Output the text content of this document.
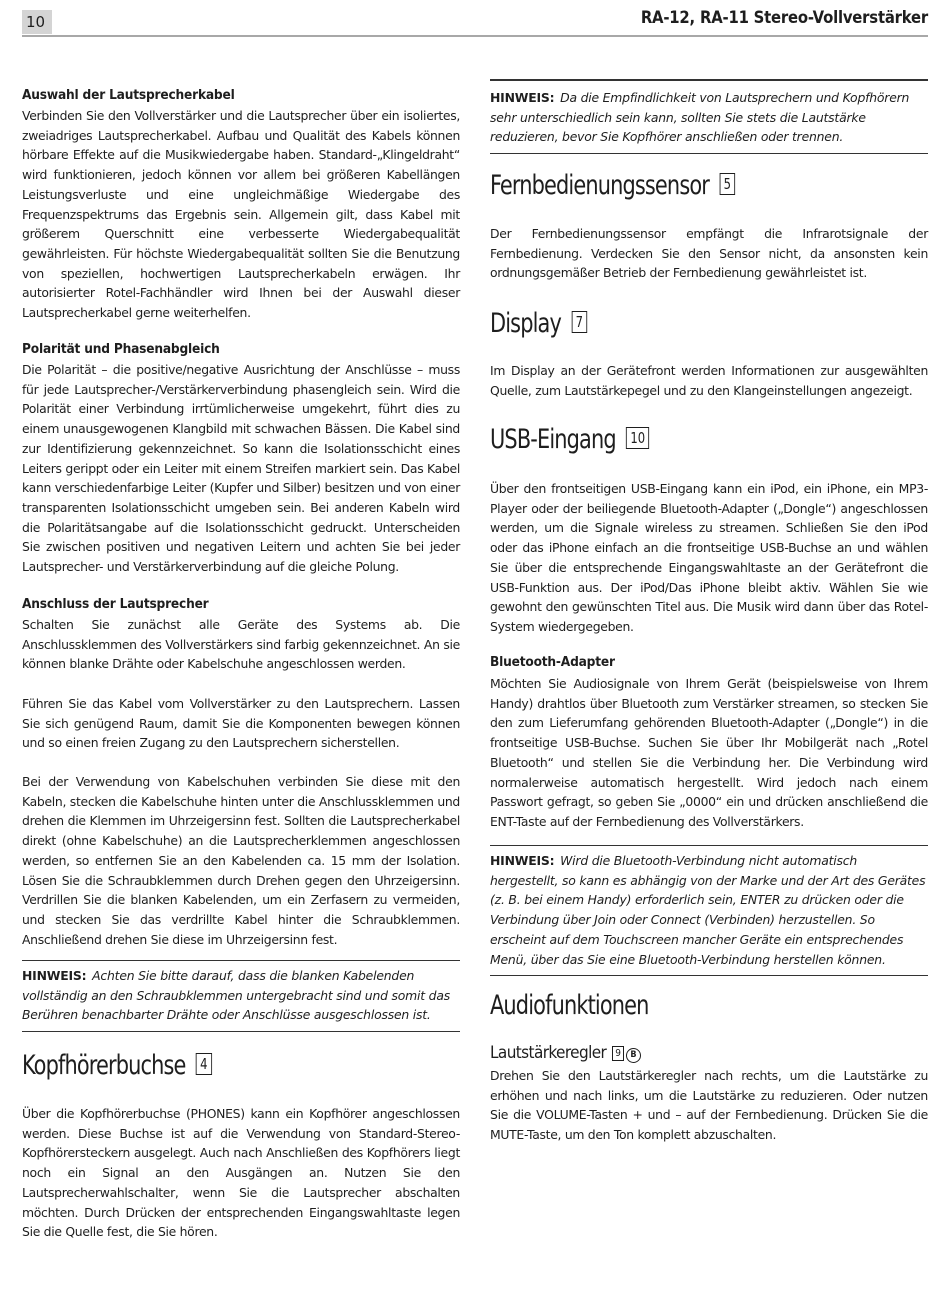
10	RA-12, RA-11 Stereo-Vollverstärker
Auswahl der Lautsprecherkabel

Verbinden Sie den Vollverstärker und die Lautsprecher über ein isoliertes, zweiadriges Lautsprecherkabel. Aufbau und Qualität des Kabels können hörbare Effekte auf die Musikwiedergabe haben. Standard-„Klingeldraht“ wird funktionieren, jedoch können vor allem bei größeren Kabellängen Leistungsverluste und eine ungleichmäßige Wiedergabe des Frequenzspektrums das Ergebnis sein. Allgemein gilt, dass Kabel mit größerem Querschnitt eine verbesserte Wiedergabequalität gewährleisten. Für höchste Wiedergabequalität sollten Sie die Benutzung von speziellen, hochwertigen Lautsprecherkabeln erwägen. Ihr autorisierter Rotel-Fachhändler wird Ihnen bei der Auswahl dieser Lautsprecherkabel gerne weiterhelfen.

Polarität und Phasenabgleich

Die Polarität – die positive/negative Ausrichtung der Anschlüsse – muss für jede Lautsprecher-/Verstärkerverbindung phasengleich sein. Wird die Polarität einer Verbindung irrtümlicherweise umgekehrt, führt dies zu einem unausgewogenen Klangbild mit schwachen Bässen. Die Kabel sind zur Identifizierung gekennzeichnet. So kann die Isolationsschicht eines Leiters gerippt oder ein Leiter mit einem Streifen markiert sein. Das Kabel kann verschiedenfarbige Leiter (Kupfer und Silber) besitzen und von einer transparenten Isolationsschicht umgeben sein. Bei anderen Kabeln wird die Polaritätsangabe auf die Isolationsschicht gedruckt. Unterscheiden Sie zwischen positiven und negativen Leitern und achten Sie bei jeder Lautsprecher- und Verstärkerverbindung auf die gleiche Polung.

Anschluss der Lautsprecher

Schalten Sie zunächst alle Geräte des Systems ab. Die Anschlussklemmen des Vollverstärkers sind farbig gekennzeichnet. An sie können blanke Drähte oder Kabelschuhe angeschlossen werden.

Führen Sie das Kabel vom Vollverstärker zu den Lautsprechern. Lassen Sie sich genügend Raum, damit Sie die Komponenten bewegen können und so einen freien Zugang zu den Lautsprechern sicherstellen.

Bei der Verwendung von Kabelschuhen verbinden Sie diese mit den Kabeln, stecken die Kabelschuhe hinten unter die Anschlussklemmen und drehen die Klemmen im Uhrzeigersinn fest. Sollten die Lautsprecherkabel direkt (ohne Kabelschuhe) an die Lautsprecherklemmen angeschlossen werden, so entfernen Sie an den Kabelenden ca. 15 mm der Isolation. Lösen Sie die Schraubklemmen durch Drehen gegen den Uhrzeigersinn. Verdrillen Sie die blanken Kabelenden, um ein Zerfasern zu vermeiden, und stecken Sie das verdrillte Kabel hinter die Schraubklemmen. Anschließend drehen Sie diese im Uhrzeigersinn fest.

HINWEIS: Achten Sie bitte darauf, dass die blanken Kabelenden vollständig an den Schraubklemmen untergebracht sind und somit das Berühren benachbarter Drähte oder Anschlüsse ausgeschlossen ist.
Kopfhörerbuchse 4

Über die Kopfhörerbuchse (PHONES) kann ein Kopfhörer angeschlossen werden. Diese Buchse ist auf die Verwendung von Standard-Stereo-Kopfhörersteckern ausgelegt. Auch nach Anschließen des Kopfhörers liegt noch ein Signal an den Ausgängen an. Nutzen Sie den Lautsprecherwahlschalter, wenn Sie die Lautsprecher abschalten möchten. Durch Drücken der entsprechenden Eingangswahltaste legen Sie die Quelle fest, die Sie hören.

HINWEIS: Da die Empfindlichkeit von Lautsprechern und Kopfhörern sehr unterschiedlich sein kann, sollten Sie stets die Lautstärke reduzieren, bevor Sie Kopfhörer anschließen oder trennen.
Fernbedienungssensor 5

Der Fernbedienungssensor empfängt die Infrarotsignale der Fernbedienung. Verdecken Sie den Sensor nicht, da ansonsten kein ordnungsgemäßer Betrieb der Fernbedienung gewährleistet ist.

Display 7

Im Display an der Gerätefront werden Informationen zur ausgewählten Quelle, zum Lautstärkepegel und zu den Klangeinstellungen angezeigt.

USB-Eingang 10

Über den frontseitigen USB-Eingang kann ein iPod, ein iPhone, ein MP3-Player oder der beiliegende Bluetooth-Adapter („Dongle“) angeschlossen werden, um die Signale wireless zu streamen. Schließen Sie den iPod oder das iPhone einfach an die frontseitige USB-Buchse an und wählen Sie über die entsprechende Eingangswahltaste an der Gerätefront die USB-Funktion aus. Der iPod/Das iPhone bleibt aktiv. Wählen Sie wie gewohnt den gewünschten Titel aus. Die Musik wird dann über das Rotel-System wiedergegeben.

Bluetooth-Adapter

Möchten Sie Audiosignale von Ihrem Gerät (beispielsweise von Ihrem Handy) drahtlos über Bluetooth zum Verstärker streamen, so stecken Sie den zum Lieferumfang gehörenden Bluetooth-Adapter („Dongle“) in die frontseitige USB-Buchse. Suchen Sie über Ihr Mobilgerät nach „Rotel Bluetooth“ und stellen Sie die Verbindung her. Die Verbindung wird normalerweise automatisch hergestellt. Wird jedoch nach einem Passwort gefragt, so geben Sie „0000“ ein und drücken anschließend die ENT-Taste auf der Fernbedienung des Vollverstärkers.

HINWEIS: Wird die Bluetooth-Verbindung nicht automatisch hergestellt, so kann es abhängig von der Marke und der Art des Gerätes (z. B. bei einem Handy) erforderlich sein, ENTER zu drücken oder die Verbindung über Join oder Connect (Verbinden) herzustellen. So erscheint auf dem Touchscreen mancher Geräte ein entsprechendes Menü, über das Sie eine Bluetooth-Verbindung herstellen können.
Audiofunktionen
Lautstärkeregler 9 B

Drehen Sie den Lautstärkeregler nach rechts, um die Lautstärke zu erhöhen und nach links, um die Lautstärke zu reduzieren. Oder nutzen Sie die VOLUME-Tasten + und – auf der Fernbedienung. Drücken Sie die MUTE-Taste, um den Ton komplett abzuschalten.
